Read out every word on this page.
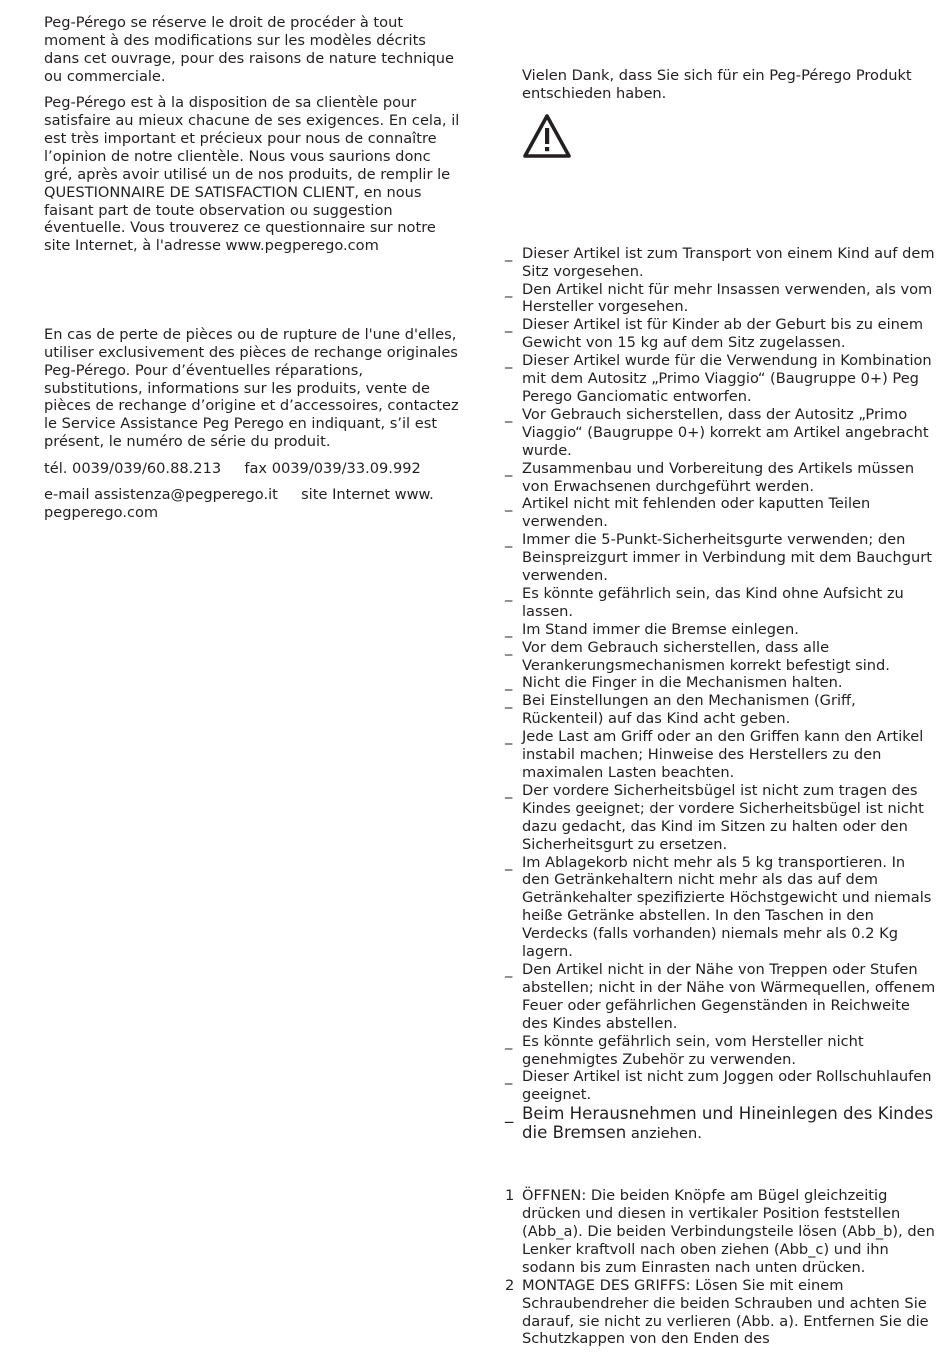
Peg-Pérego se réserve le droit de procéder à tout moment à des modifications sur les modèles décrits dans cet ouvrage, pour des raisons de nature technique ou commerciale.

Peg-Pérego est à la disposition de sa clientèle pour satisfaire au mieux chacune de ses exigences. En cela, il est très important et précieux pour nous de connaître l’opinion de notre clientèle. Nous vous saurions donc gré, après avoir utilisé un de nos produits, de remplir le QUESTIONNAIRE DE SATISFACTION CLIENT, en nous faisant part de toute observation ou suggestion éventuelle. Vous trouverez ce questionnaire sur notre site Internet, à l'adresse www.pegperego.com

En cas de perte de pièces ou de rupture de l'une d'elles, utiliser exclusivement des pièces de rechange originales Peg-Pérego. Pour d’éventuelles réparations, substitutions, informations sur les produits, vente de pièces de rechange d’origine et d’accessoires, contactez le Service Assistance Peg Perego en indiquant, s’il est présent, le numéro de série du produit.

tél. 0039/039/60.88.213 fax 0039/039/33.09.992

e-mail assistenza@pegperego.it site Internet www. pegperego.com

Vielen Dank, dass Sie sich für ein Peg-Pérego Produkt entschieden haben.

_ Dieser Artikel ist zum Transport von einem Kind auf dem Sitz vorgesehen.
_ Den Artikel nicht für mehr Insassen verwenden, als vom Hersteller vorgesehen.
_ Dieser Artikel ist für Kinder ab der Geburt bis zu einem Gewicht von 15 kg auf dem Sitz zugelassen.
_ Dieser Artikel wurde für die Verwendung in Kombination mit dem Autositz „Primo Viaggio“ (Baugruppe 0+) Peg Perego Ganciomatic entworfen.
_ Vor Gebrauch sicherstellen, dass der Autositz „Primo Viaggio“ (Baugruppe 0+) korrekt am Artikel angebracht wurde.
_ Zusammenbau und Vorbereitung des Artikels müssen von Erwachsenen durchgeführt werden.
_ Artikel nicht mit fehlenden oder kaputten Teilen verwenden.
_ Immer die 5-Punkt-Sicherheitsgurte verwenden; den Beinspreizgurt immer in Verbindung mit dem Bauchgurt verwenden.
_ Es könnte gefährlich sein, das Kind ohne Aufsicht zu lassen.
_ Im Stand immer die Bremse einlegen.
_ Vor dem Gebrauch sicherstellen, dass alle Verankerungsmechanismen korrekt befestigt sind.
_ Nicht die Finger in die Mechanismen halten.
_ Bei Einstellungen an den Mechanismen (Griff, Rückenteil) auf das Kind acht geben.
_ Jede Last am Griff oder an den Griffen kann den Artikel instabil machen; Hinweise des Herstellers zu den maximalen Lasten beachten.
_ Der vordere Sicherheitsbügel ist nicht zum tragen des Kindes geeignet; der vordere Sicherheitsbügel ist nicht dazu gedacht, das Kind im Sitzen zu halten oder den Sicherheitsgurt zu ersetzen.
_ Im Ablagekorb nicht mehr als 5 kg transportieren. In den Getränkehaltern nicht mehr als das auf dem Getränkehalter spezifizierte Höchstgewicht und niemals heiße Getränke abstellen. In den Taschen in den Verdecks (falls vorhanden) niemals mehr als 0.2 Kg lagern.
_ Den Artikel nicht in der Nähe von Treppen oder Stufen abstellen; nicht in der Nähe von Wärmequellen, offenem Feuer oder gefährlichen Gegenständen in Reichweite des Kindes abstellen.
_ Es könnte gefährlich sein, vom Hersteller nicht genehmigtes Zubehör zu verwenden.
_ Dieser Artikel ist nicht zum Joggen oder Rollschuhlaufen geeignet.
_ Beim Herausnehmen und Hineinlegen des Kindes die Bremsen anziehen.
1 ÖFFNEN: Die beiden Knöpfe am Bügel gleichzeitig drücken und diesen in vertikaler Position feststellen (Abb_a). Die beiden Verbindungsteile lösen (Abb_b), den Lenker kraftvoll nach oben ziehen (Abb_c) und ihn sodann bis zum Einrasten nach unten drücken.
2 MONTAGE DES GRIFFS: Lösen Sie mit einem Schraubendreher die beiden Schrauben und achten Sie darauf, sie nicht zu verlieren (Abb. a). Entfernen Sie die Schutzkappen von den Enden des
